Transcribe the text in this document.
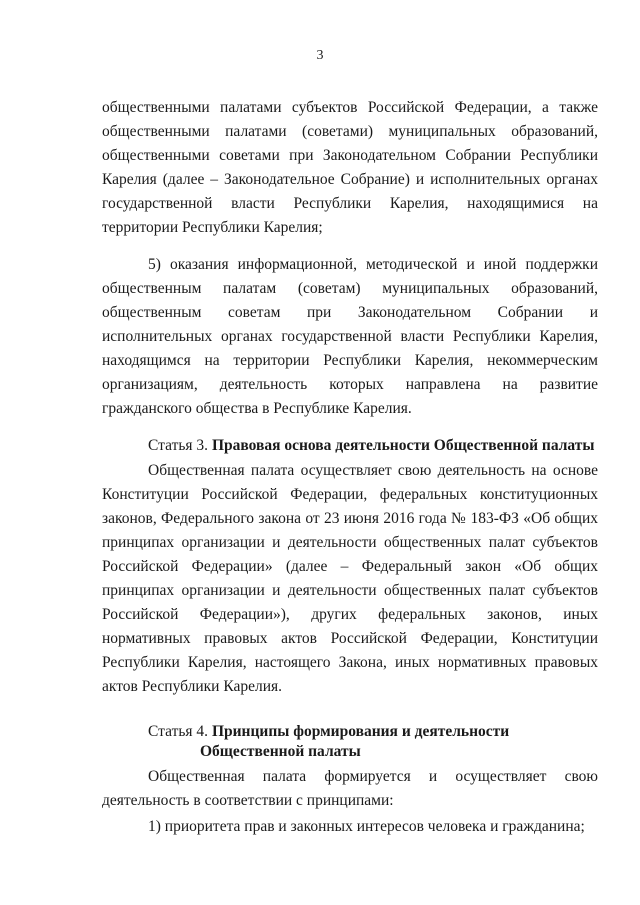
3

общественными палатами субъектов Российской Федерации, а также общественными палатами (советами) муниципальных образований, общественными советами при Законодательном Собрании Республики Карелия (далее – Законодательное Собрание) и исполнительных органах государственной власти Республики Карелия, находящимися на территории Республики Карелия;

5) оказания информационной, методической и иной поддержки общественным палатам (советам) муниципальных образований, общественным советам при Законодательном Собрании и исполнительных органах государственной власти Республики Карелия, находящимся на территории Республики Карелия, некоммерческим организациям, деятельность которых направлена на развитие гражданского общества в Республике Карелия.

Статья 3. Правовая основа деятельности Общественной палаты

Общественная палата осуществляет свою деятельность на основе Конституции Российской Федерации, федеральных конституционных законов, Федерального закона от 23 июня 2016 года № 183-ФЗ «Об общих принципах организации и деятельности общественных палат субъектов Российской Федерации» (далее – Федеральный закон «Об общих принципах организации и деятельности общественных палат субъектов Российской Федерации»), других федеральных законов, иных нормативных правовых актов Российской Федерации, Конституции Республики Карелия, настоящего Закона, иных нормативных правовых актов Республики Карелия.

Статья 4. Принципы формирования и деятельности
Общественной палаты

Общественная палата формируется и осуществляет свою деятельность в соответствии с принципами:

1) приоритета прав и законных интересов человека и гражданина;
